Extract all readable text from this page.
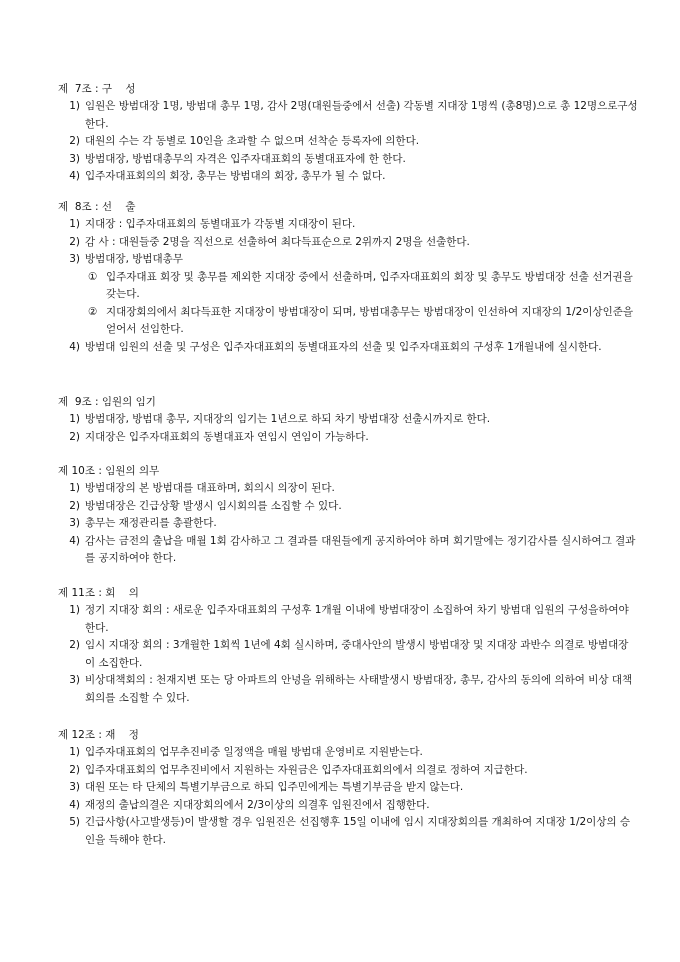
제  7조 : 구    성
1) 임원은 방범대장 1명, 방범대 총무 1명, 감사 2명(대원들중에서 선출) 각동별 지대장 1명씩 (총8명)으로 총 12명으로구성한다.
2) 대원의 수는 각 동별로 10인을 초과할 수 없으며 선착순 등록자에 의한다.
3) 방범대장, 방범대총무의 자격은 입주자대표회의 동별대표자에 한 한다.
4) 입주자대표회의의 회장, 총무는 방범대의 회장, 총무가 될 수 없다.
제  8조 : 선    출
1) 지대장 : 입주자대표회의 동별대표가 각동별 지대장이 된다.
2) 감 사 : 대원들중 2명을 직선으로 선출하여 최다득표순으로 2위까지 2명을 선출한다.
3) 방범대장, 방범대총무
① 입주자대표 회장 및 총무를 제외한 지대장 중에서 선출하며, 입주자대표회의 회장 및 총무도 방범대장 선출 선거권을 갖는다.
② 지대장회의에서 최다득표한 지대장이 방범대장이 되며, 방범대총무는 방범대장이 인선하여 지대장의 1/2이상인준을 얻어서 선임한다.
4) 방범대 임원의 선출 및 구성은 입주자대표회의 동별대표자의 선출 및 입주자대표회의 구성후 1개월내에 실시한다.
제  9조 : 임원의 임기
1) 방범대장, 방범대 총무, 지대장의 임기는 1년으로 하되 차기 방범대장 선출시까지로 한다.
2) 지대장은 입주자대표회의 동별대표자 연임시 연임이 가능하다.
제 10조 : 임원의 의무
1) 방범대장의 본 방범대를 대표하며, 회의시 의장이 된다.
2) 방범대장은 긴급상황 발생시 임시회의를 소집할 수 있다.
3) 총무는 재정관리를 총괄한다.
4) 감사는 금전의 출납을 매월 1회 감사하고 그 결과를 대원들에게 공지하여야 하며 회기말에는 정기감사를 실시하여그 결과를 공지하여야 한다.
제 11조 : 회    의
1) 정기 지대장 회의 : 새로운 입주자대표회의 구성후 1개월 이내에 방범대장이 소집하여 차기 방범대 임원의 구성을하여야 한다.
2) 임시 지대장 회의 : 3개월한 1회씩 1년에 4회 실시하며, 중대사안의 발생시 방범대장 및 지대장 과반수 의결로 방범대장이 소집한다.
3) 비상대책회의 : 천재지변 또는 당 아파트의 안녕을 위해하는 사태발생시 방범대장, 총무, 감사의 동의에 의하여 비상 대책회의를 소집할 수 있다.
제 12조 : 재    정
1) 입주자대표회의 업무추진비중 일정액을 매월 방범대 운영비로 지원받는다.
2) 입주자대표회의 업무추진비에서 지원하는 자원금은 입주자대표회의에서 의결로 정하여 지급한다.
3) 대원 또는 타 단체의 특별기부금으로 하되 입주민에게는 특별기부금을 받지 않는다.
4) 재정의 출납의결은 지대장회의에서 2/3이상의 의결후 임원진에서 집행한다.
5) 긴급사항(사고발생등)이 발생할 경우 임원진은 선집행후 15일 이내에 임시 지대장회의를 개최하여 지대장 1/2이상의 승인을 득해야 한다.
